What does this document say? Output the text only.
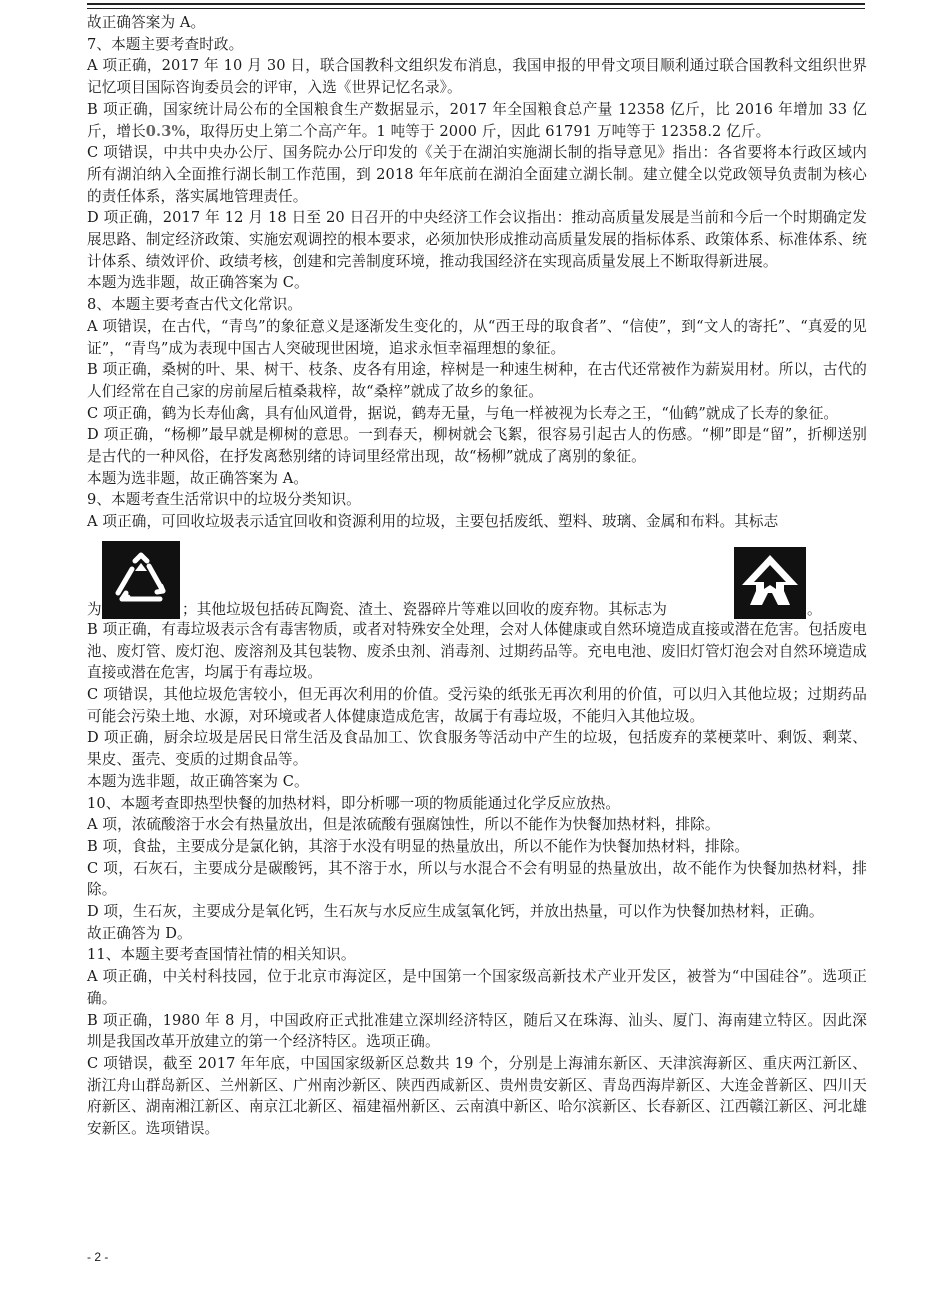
故正确答案为 A。

7、本题主要考查时政。

A 项正确，2017 年 10 月 30 日，联合国教科文组织发布消息，我国申报的甲骨文项目顺利通过联合国教科文组织世界记忆项目国际咨询委员会的评审，入选《世界记忆名录》。

B 项正确，国家统计局公布的全国粮食生产数据显示，2017 年全国粮食总产量 12358 亿斤，比 2016 年增加 33 亿斤，增长0.3%，取得历史上第二个高产年。1 吨等于 2000 斤，因此 61791 万吨等于 12358.2 亿斤。

C 项错误，中共中央办公厅、国务院办公厅印发的《关于在湖泊实施湖长制的指导意见》指出：各省要将本行政区域内所有湖泊纳入全面推行湖长制工作范围，到 2018 年年底前在湖泊全面建立湖长制。建立健全以党政领导负责制为核心的责任体系，落实属地管理责任。

D 项正确，2017 年 12 月 18 日至 20 日召开的中央经济工作会议指出：推动高质量发展是当前和今后一个时期确定发展思路、制定经济政策、实施宏观调控的根本要求，必须加快形成推动高质量发展的指标体系、政策体系、标准体系、统计体系、绩效评价、政绩考核，创建和完善制度环境，推动我国经济在实现高质量发展上不断取得新进展。

本题为选非题，故正确答案为 C。

8、本题主要考查古代文化常识。

A 项错误，在古代，“青鸟”的象征意义是逐渐发生变化的，从“西王母的取食者”、“信使”，到“文人的寄托”、“真爱的见证”，“青鸟”成为表现中国古人突破现世困境，追求永恒幸福理想的象征。

B 项正确，桑树的叶、果、树干、枝条、皮各有用途，梓树是一种速生树种，在古代还常被作为薪炭用材。所以，古代的人们经常在自己家的房前屋后植桑栽梓，故“桑梓”就成了故乡的象征。

C 项正确，鹤为长寿仙禽，具有仙风道骨，据说，鹤寿无量，与龟一样被视为长寿之王，“仙鹤”就成了长寿的象征。

D 项正确，“杨柳”最早就是柳树的意思。一到春天，柳树就会飞絮，很容易引起古人的伤感。“柳”即是“留”，折柳送别是古代的一种风俗，在抒发离愁别绪的诗词里经常出现，故“杨柳”就成了离别的象征。

本题为选非题，故正确答案为 A。

9、本题考查生活常识中的垃圾分类知识。

A 项正确，可回收垃圾表示适宜回收和资源利用的垃圾，主要包括废纸、塑料、玻璃、金属和布料。其标志

为	；其他垃圾包括砖瓦陶瓷、渣土、瓷器碎片等难以回收的废弃物。其标志为	。

B 项正确，有毒垃圾表示含有毒害物质，或者对特殊安全处理，会对人体健康或自然环境造成直接或潜在危害。包括废电池、废灯管、废灯泡、废溶剂及其包装物、废杀虫剂、消毒剂、过期药品等。充电电池、废旧灯管灯泡会对自然环境造成直接或潜在危害，均属于有毒垃圾。

C 项错误，其他垃圾危害较小，但无再次利用的价值。受污染的纸张无再次利用的价值，可以归入其他垃圾；过期药品可能会污染土地、水源，对环境或者人体健康造成危害，故属于有毒垃圾，不能归入其他垃圾。

D 项正确，厨余垃圾是居民日常生活及食品加工、饮食服务等活动中产生的垃圾，包括废弃的菜梗菜叶、剩饭、剩菜、果皮、蛋壳、变质的过期食品等。

本题为选非题，故正确答案为 C。

10、本题考查即热型快餐的加热材料，即分析哪一项的物质能通过化学反应放热。

A 项，浓硫酸溶于水会有热量放出，但是浓硫酸有强腐蚀性，所以不能作为快餐加热材料，排除。

B 项，食盐，主要成分是氯化钠，其溶于水没有明显的热量放出，所以不能作为快餐加热材料，排除。

C 项，石灰石，主要成分是碳酸钙，其不溶于水，所以与水混合不会有明显的热量放出，故不能作为快餐加热材料，排除。

D 项，生石灰，主要成分是氧化钙，生石灰与水反应生成氢氧化钙，并放出热量，可以作为快餐加热材料，正确。

故正确答为 D。

11、本题主要考查国情社情的相关知识。

A 项正确，中关村科技园，位于北京市海淀区，是中国第一个国家级高新技术产业开发区，被誉为“中国硅谷”。选项正确。

B 项正确，1980 年 8 月，中国政府正式批准建立深圳经济特区，随后又在珠海、汕头、厦门、海南建立特区。因此深圳是我国改革开放建立的第一个经济特区。选项正确。

C 项错误，截至 2017 年年底，中国国家级新区总数共 19 个，分别是上海浦东新区、天津滨海新区、重庆两江新区、浙江舟山群岛新区、兰州新区、广州南沙新区、陕西西咸新区、贵州贵安新区、青岛西海岸新区、大连金普新区、四川天府新区、湖南湘江新区、南京江北新区、福建福州新区、云南滇中新区、哈尔滨新区、长春新区、江西赣江新区、河北雄安新区。选项错误。

- 2 -
